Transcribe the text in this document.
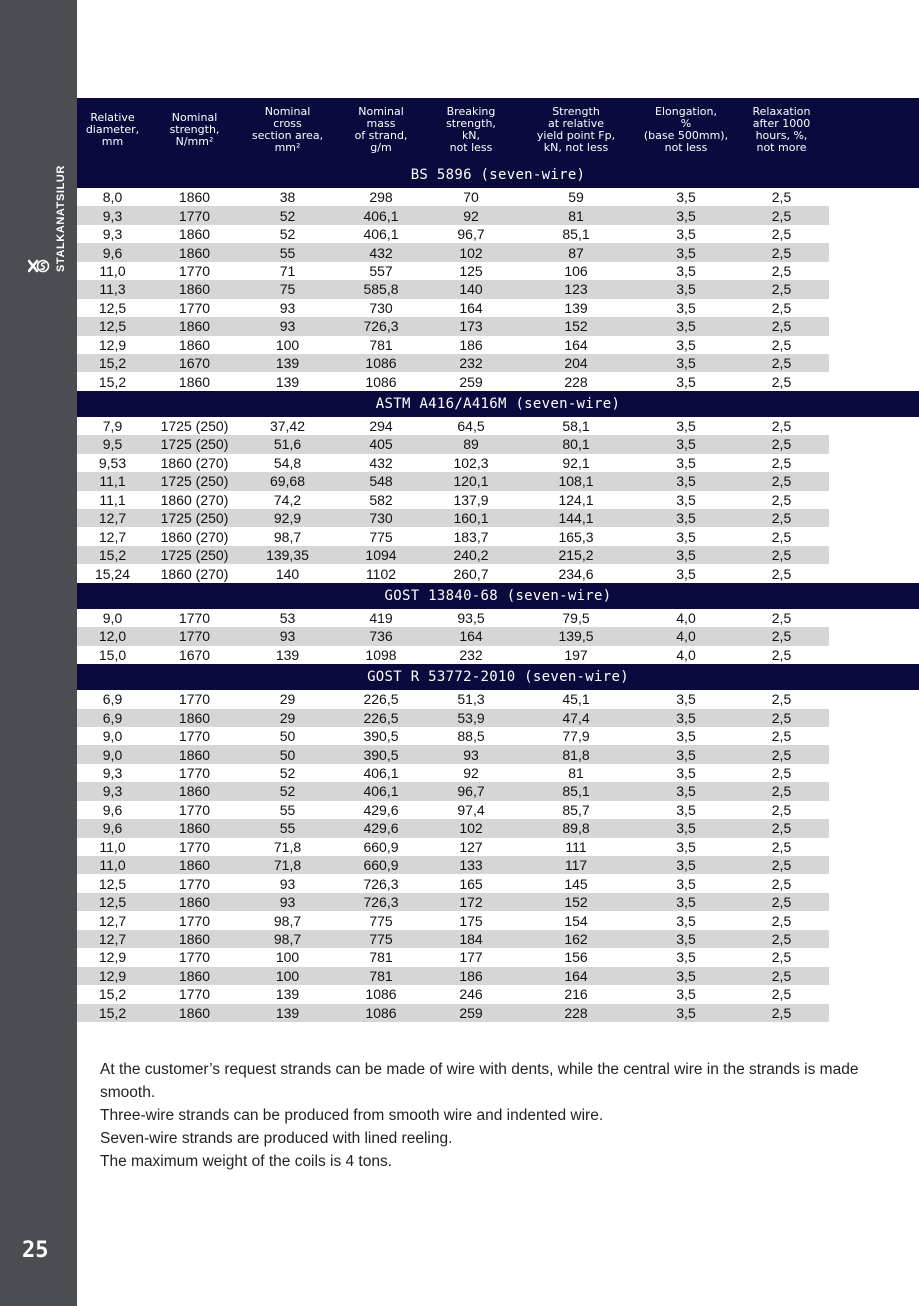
STALKANATSILUR
25
Relative
diameter,
mm	Nominal
strength,
N/mm²	Nominal
cross
section area,
mm²	Nominal
mass
of strand,
g/m	Breaking
strength,
kN,
not less	Strength
at relative
yield point Fp,
kN, not less	Elongation,
%
(base 500mm),
not less	Relaxation
after 1000
hours, %,
not more	

BS 5896 (seven-wire)								
8,0	1860	38	298	70	59	3,5	2,5	
9,3	1770	52	406,1	92	81	3,5	2,5	
9,3	1860	52	406,1	96,7	85,1	3,5	2,5	
9,6	1860	55	432	102	87	3,5	2,5	
11,0	1770	71	557	125	106	3,5	2,5	
11,3	1860	75	585,8	140	123	3,5	2,5	
12,5	1770	93	730	164	139	3,5	2,5	
12,5	1860	93	726,3	173	152	3,5	2,5	
12,9	1860	100	781	186	164	3,5	2,5	
15,2	1670	139	1086	232	204	3,5	2,5	
15,2	1860	139	1086	259	228	3,5	2,5	
ASTM A416/A416M (seven-wire)								
7,9	1725 (250)	37,42	294	64,5	58,1	3,5	2,5	
9,5	1725 (250)	51,6	405	89	80,1	3,5	2,5	
9,53	1860 (270)	54,8	432	102,3	92,1	3,5	2,5	
11,1	1725 (250)	69,68	548	120,1	108,1	3,5	2,5	
11,1	1860 (270)	74,2	582	137,9	124,1	3,5	2,5	
12,7	1725 (250)	92,9	730	160,1	144,1	3,5	2,5	
12,7	1860 (270)	98,7	775	183,7	165,3	3,5	2,5	
15,2	1725 (250)	139,35	1094	240,2	215,2	3,5	2,5	
15,24	1860 (270)	140	1102	260,7	234,6	3,5	2,5	
GOST 13840-68 (seven-wire)								
9,0	1770	53	419	93,5	79,5	4,0	2,5	
12,0	1770	93	736	164	139,5	4,0	2,5	
15,0	1670	139	1098	232	197	4,0	2,5	
GOST R 53772-2010 (seven-wire)								
6,9	1770	29	226,5	51,3	45,1	3,5	2,5	
6,9	1860	29	226,5	53,9	47,4	3,5	2,5	
9,0	1770	50	390,5	88,5	77,9	3,5	2,5	
9,0	1860	50	390,5	93	81,8	3,5	2,5	
9,3	1770	52	406,1	92	81	3,5	2,5	
9,3	1860	52	406,1	96,7	85,1	3,5	2,5	
9,6	1770	55	429,6	97,4	85,7	3,5	2,5	
9,6	1860	55	429,6	102	89,8	3,5	2,5	
11,0	1770	71,8	660,9	127	111	3,5	2,5	
11,0	1860	71,8	660,9	133	117	3,5	2,5	
12,5	1770	93	726,3	165	145	3,5	2,5	
12,5	1860	93	726,3	172	152	3,5	2,5	
12,7	1770	98,7	775	175	154	3,5	2,5	
12,7	1860	98,7	775	184	162	3,5	2,5	
12,9	1770	100	781	177	156	3,5	2,5	
12,9	1860	100	781	186	164	3,5	2,5	
15,2	1770	139	1086	246	216	3,5	2,5	
15,2	1860	139	1086	259	228	3,5	2,5	

At the customer’s request strands can be made of wire with dents, while the central wire in the strands is made smooth.

Three-wire strands can be produced from smooth wire and indented wire.

Seven-wire strands are produced with lined reeling.

The maximum weight of the coils is 4 tons.
